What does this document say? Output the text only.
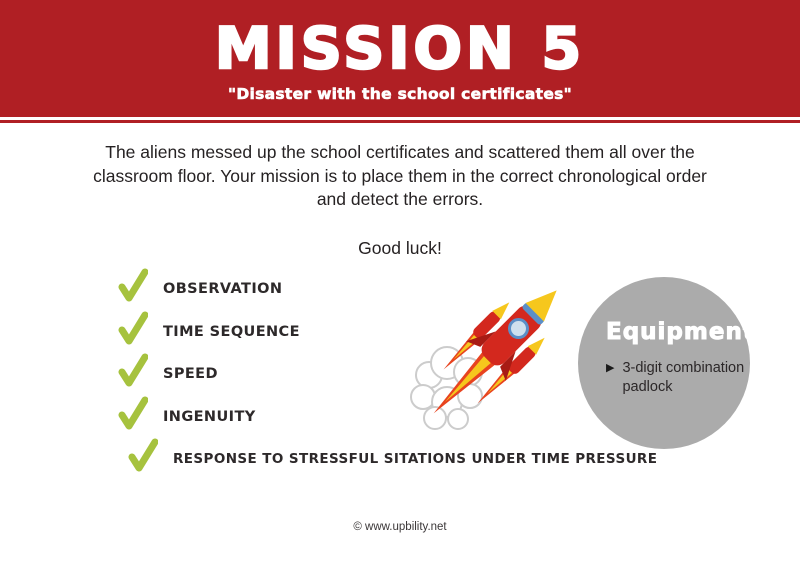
MISSION 5
"Disaster with the school certificates"

The aliens messed up the school certificates and scattered them all over the classroom floor. Your mission is to place them in the correct chronological order and detect the errors.

Good luck!

OBSERVATION
TIME SEQUENCE
SPEED
INGENUITY
RESPONSE TO STRESSFUL SITATIONS UNDER TIME PRESSURE
Equipment
▶ 3-digit combination padlock
© www.upbility.net
